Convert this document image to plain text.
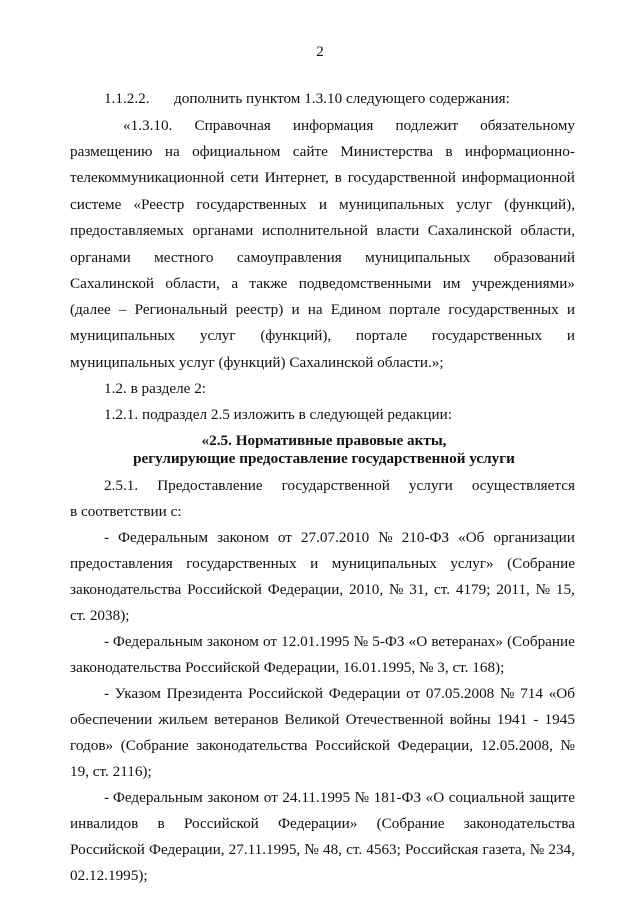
2
1.1.2.2. дополнить пунктом 1.3.10 следующего содержания:
«1.3.10. Справочная информация подлежит обязательному
размещению на официальном сайте Министерства в информационно-
телекоммуникационной сети Интернет, в государственной информационной
системе «Реестр государственных и муниципальных услуг (функций),
предоставляемых органами исполнительной власти Сахалинской области,
органами местного самоуправления муниципальных образований
Сахалинской области, а также подведомственными им учреждениями»
(далее – Региональный реестр) и на Едином портале государственных и
муниципальных услуг (функций), портале государственных и
муниципальных услуг (функций) Сахалинской области.»;
1.2. в разделе 2:
1.2.1. подраздел 2.5 изложить в следующей редакции:
«2.5. Нормативные правовые акты,
регулирующие предоставление государственной услуги
2.5.1. Предоставление государственной услуги осуществляется
в соответствии с:
- Федеральным законом от 27.07.2010 № 210-ФЗ «Об организации
предоставления государственных и муниципальных услуг» (Собрание
законодательства Российской Федерации, 2010, № 31, ст. 4179; 2011, № 15,
ст. 2038);
- Федеральным законом от 12.01.1995 № 5-ФЗ «О ветеранах» (Собрание
законодательства Российской Федерации, 16.01.1995, № 3, ст. 168);
- Указом Президента Российской Федерации от 07.05.2008 № 714 «Об
обеспечении жильем ветеранов Великой Отечественной войны 1941 - 1945
годов» (Собрание законодательства Российской Федерации, 12.05.2008, №
19, ст. 2116);
- Федеральным законом от 24.11.1995 № 181-ФЗ «О социальной защите
инвалидов в Российской Федерации» (Собрание законодательства
Российской Федерации, 27.11.1995, № 48, ст. 4563; Российская газета, № 234,
02.12.1995);
